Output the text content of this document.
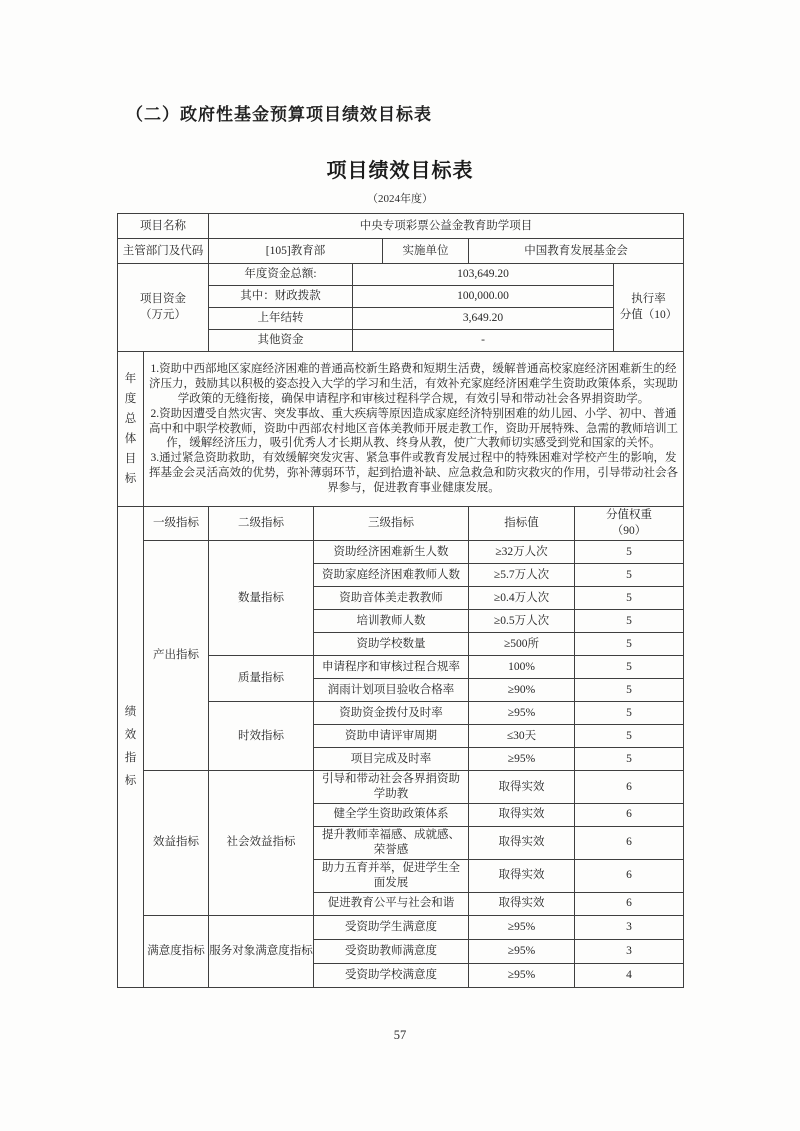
（二）政府性基金预算项目绩效目标表
项目绩效目标表
（2024年度）
项目名称	中央专项彩票公益金教育助学项目		
主管部门及代码	[105]教育部	实施单位	中国教育发展基金会
项目资金
（万元）
	年度资金总额:	103,649.20	
执行率
分值（10）

	其中：财政拨款	100,000.00	
	上年结转	3,649.20	
	其他资金	-	
年度总体目标

1.资助中西部地区家庭经济困难的普通高校新生路费和短期生活费，缓解普通高校家庭经济困难新生的经济压力，鼓励其以积极的姿态投入大学的学习和生活，有效补充家庭经济困难学生资助政策体系，实现助学政策的无缝衔接，确保申请程序和审核过程科学合规，有效引导和带动社会各界捐资助学。
2.资助因遭受自然灾害、突发事故、重大疾病等原因造成家庭经济特别困难的幼儿园、小学、初中、普通高中和中职学校教师，资助中西部农村地区音体美教师开展走教工作，资助开展特殊、急需的教师培训工作，缓解经济压力，吸引优秀人才长期从教、终身从教，使广大教师切实感受到党和国家的关怀。
3.通过紧急资助救助，有效缓解突发灾害、紧急事件或教育发展过程中的特殊困难对学校产生的影响，发挥基金会灵活高效的优势，弥补薄弱环节，起到拾遗补缺、应急救急和防灾救灾的作用，引导带动社会各界参与，促进教育事业健康发展。
绩效指标	一级指标	二级指标	三级指标	指标值	分值权重
（90）

	产出指标	数量指标	资助经济困难新生人数	≥32万人次	5
			资助家庭经济困难教师人数	≥5.7万人次	5
			资助音体美走教教师	≥0.4万人次	5
			培训教师人数	≥0.5万人次	5
			资助学校数量	≥500所	5
		质量指标	申请程序和审核过程合规率	100%	5
			润雨计划项目验收合格率	≥90%	5
		时效指标	资助资金拨付及时率	≥95%	5
			资助申请评审周期	≤30天	5
			项目完成及时率	≥95%	5
	效益指标	社会效益指标	引导和带动社会各界捐资助学助教	取得实效	6
			健全学生资助政策体系	取得实效	6
			提升教师幸福感、成就感、荣誉感	取得实效	6
			助力五育并举，促进学生全面发展	取得实效	6
			促进教育公平与社会和谐	取得实效	6
	满意度指标	服务对象满意度指标	受资助学生满意度	≥95%	3
			受资助教师满意度	≥95%	3
			受资助学校满意度	≥95%	4
57
